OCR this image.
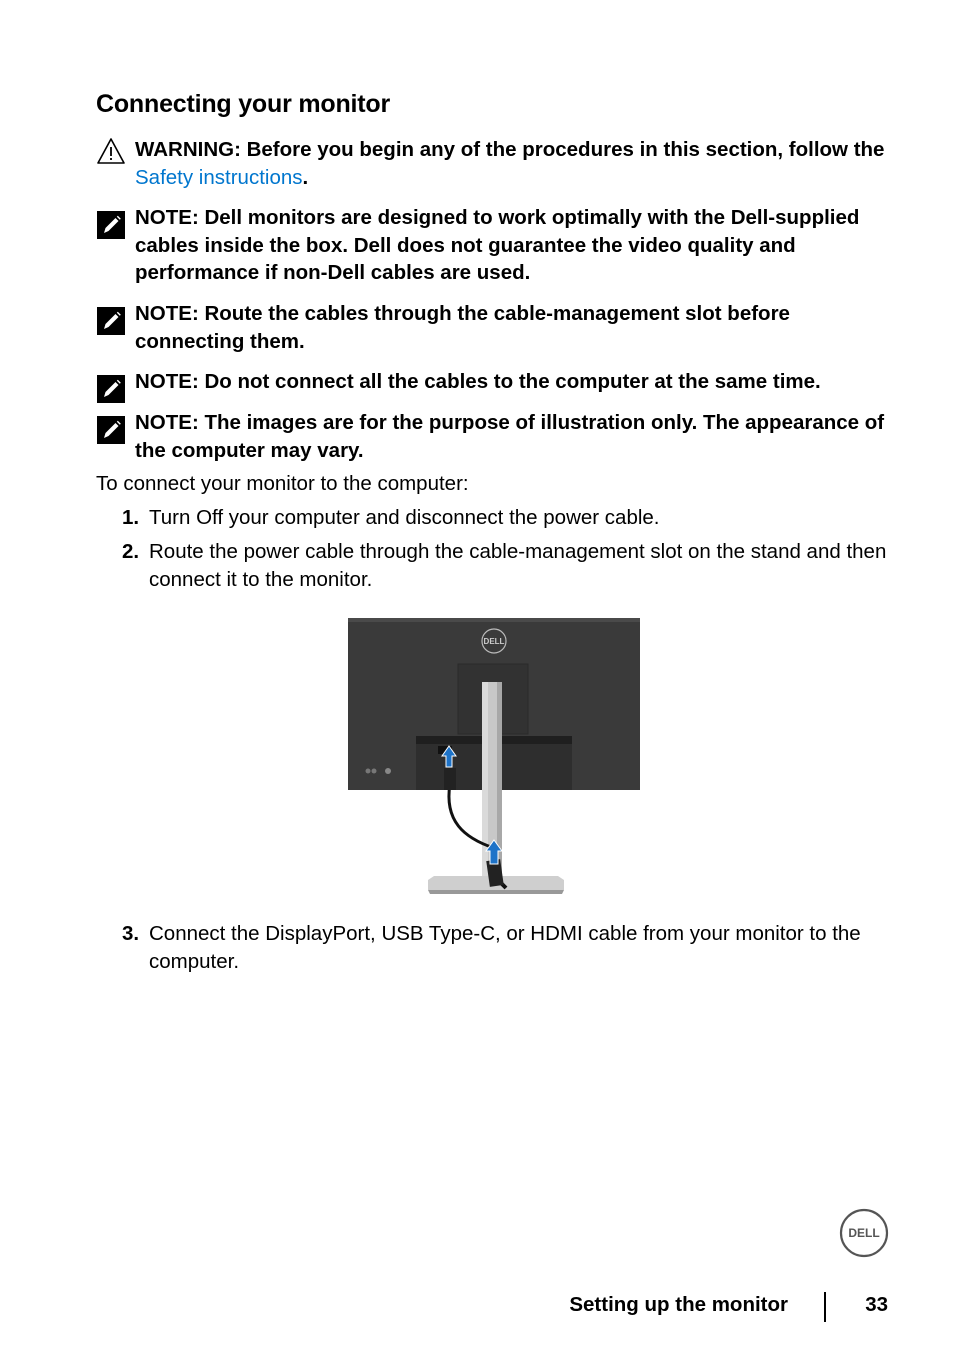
Connecting your monitor
WARNING: Before you begin any of the procedures in this section, follow the Safety instructions.
NOTE: Dell monitors are designed to work optimally with the Dell-supplied cables inside the box. Dell does not guarantee the video quality and performance if non-Dell cables are used.
NOTE: Route the cables through the cable-management slot before connecting them.
NOTE: Do not connect all the cables to the computer at the same time.
NOTE: The images are for the purpose of illustration only. The appearance of the computer may vary.
To connect your monitor to the computer:
1. Turn Off your computer and disconnect the power cable.
2. Route the power cable through the cable-management slot on the stand and then connect it to the monitor.
DELL
3. Connect the DisplayPort, USB Type-C, or HDMI cable from your monitor to the computer.
DELL
Setting up the monitor	33
